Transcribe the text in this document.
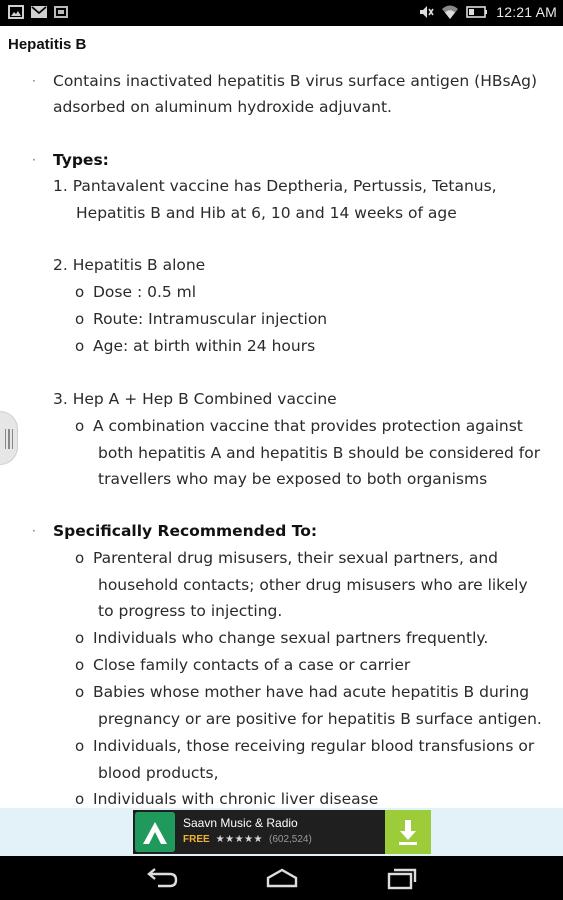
12:21 AM
Hepatitis B
· Contains inactivated hepatitis B virus surface antigen (HBsAg)
adsorbed on aluminum hydroxide adjuvant.
· Types:
1. Pantavalent vaccine has Deptheria, Pertussis, Tetanus,
Hepatitis B and Hib at 6, 10 and 14 weeks of age
2. Hepatitis B alone
o Dose : 0.5 ml
o Route: Intramuscular injection
o Age: at birth within 24 hours
3. Hep A + Hep B Combined vaccine
o A combination vaccine that provides protection against
both hepatitis A and hepatitis B should be considered for
travellers who may be exposed to both organisms
· Specifically Recommended To:
o Parenteral drug misusers, their sexual partners, and
household contacts; other drug misusers who are likely
to progress to injecting.
o Individuals who change sexual partners frequently.
o Close family contacts of a case or carrier
o Babies whose mother have had acute hepatitis B during
pregnancy or are positive for hepatitis B surface antigen.
o Individuals, those receiving regular blood transfusions or
blood products,
o Individuals with chronic liver disease
Saavn Music & Radio
FREE ★★★★★ (602,524)
